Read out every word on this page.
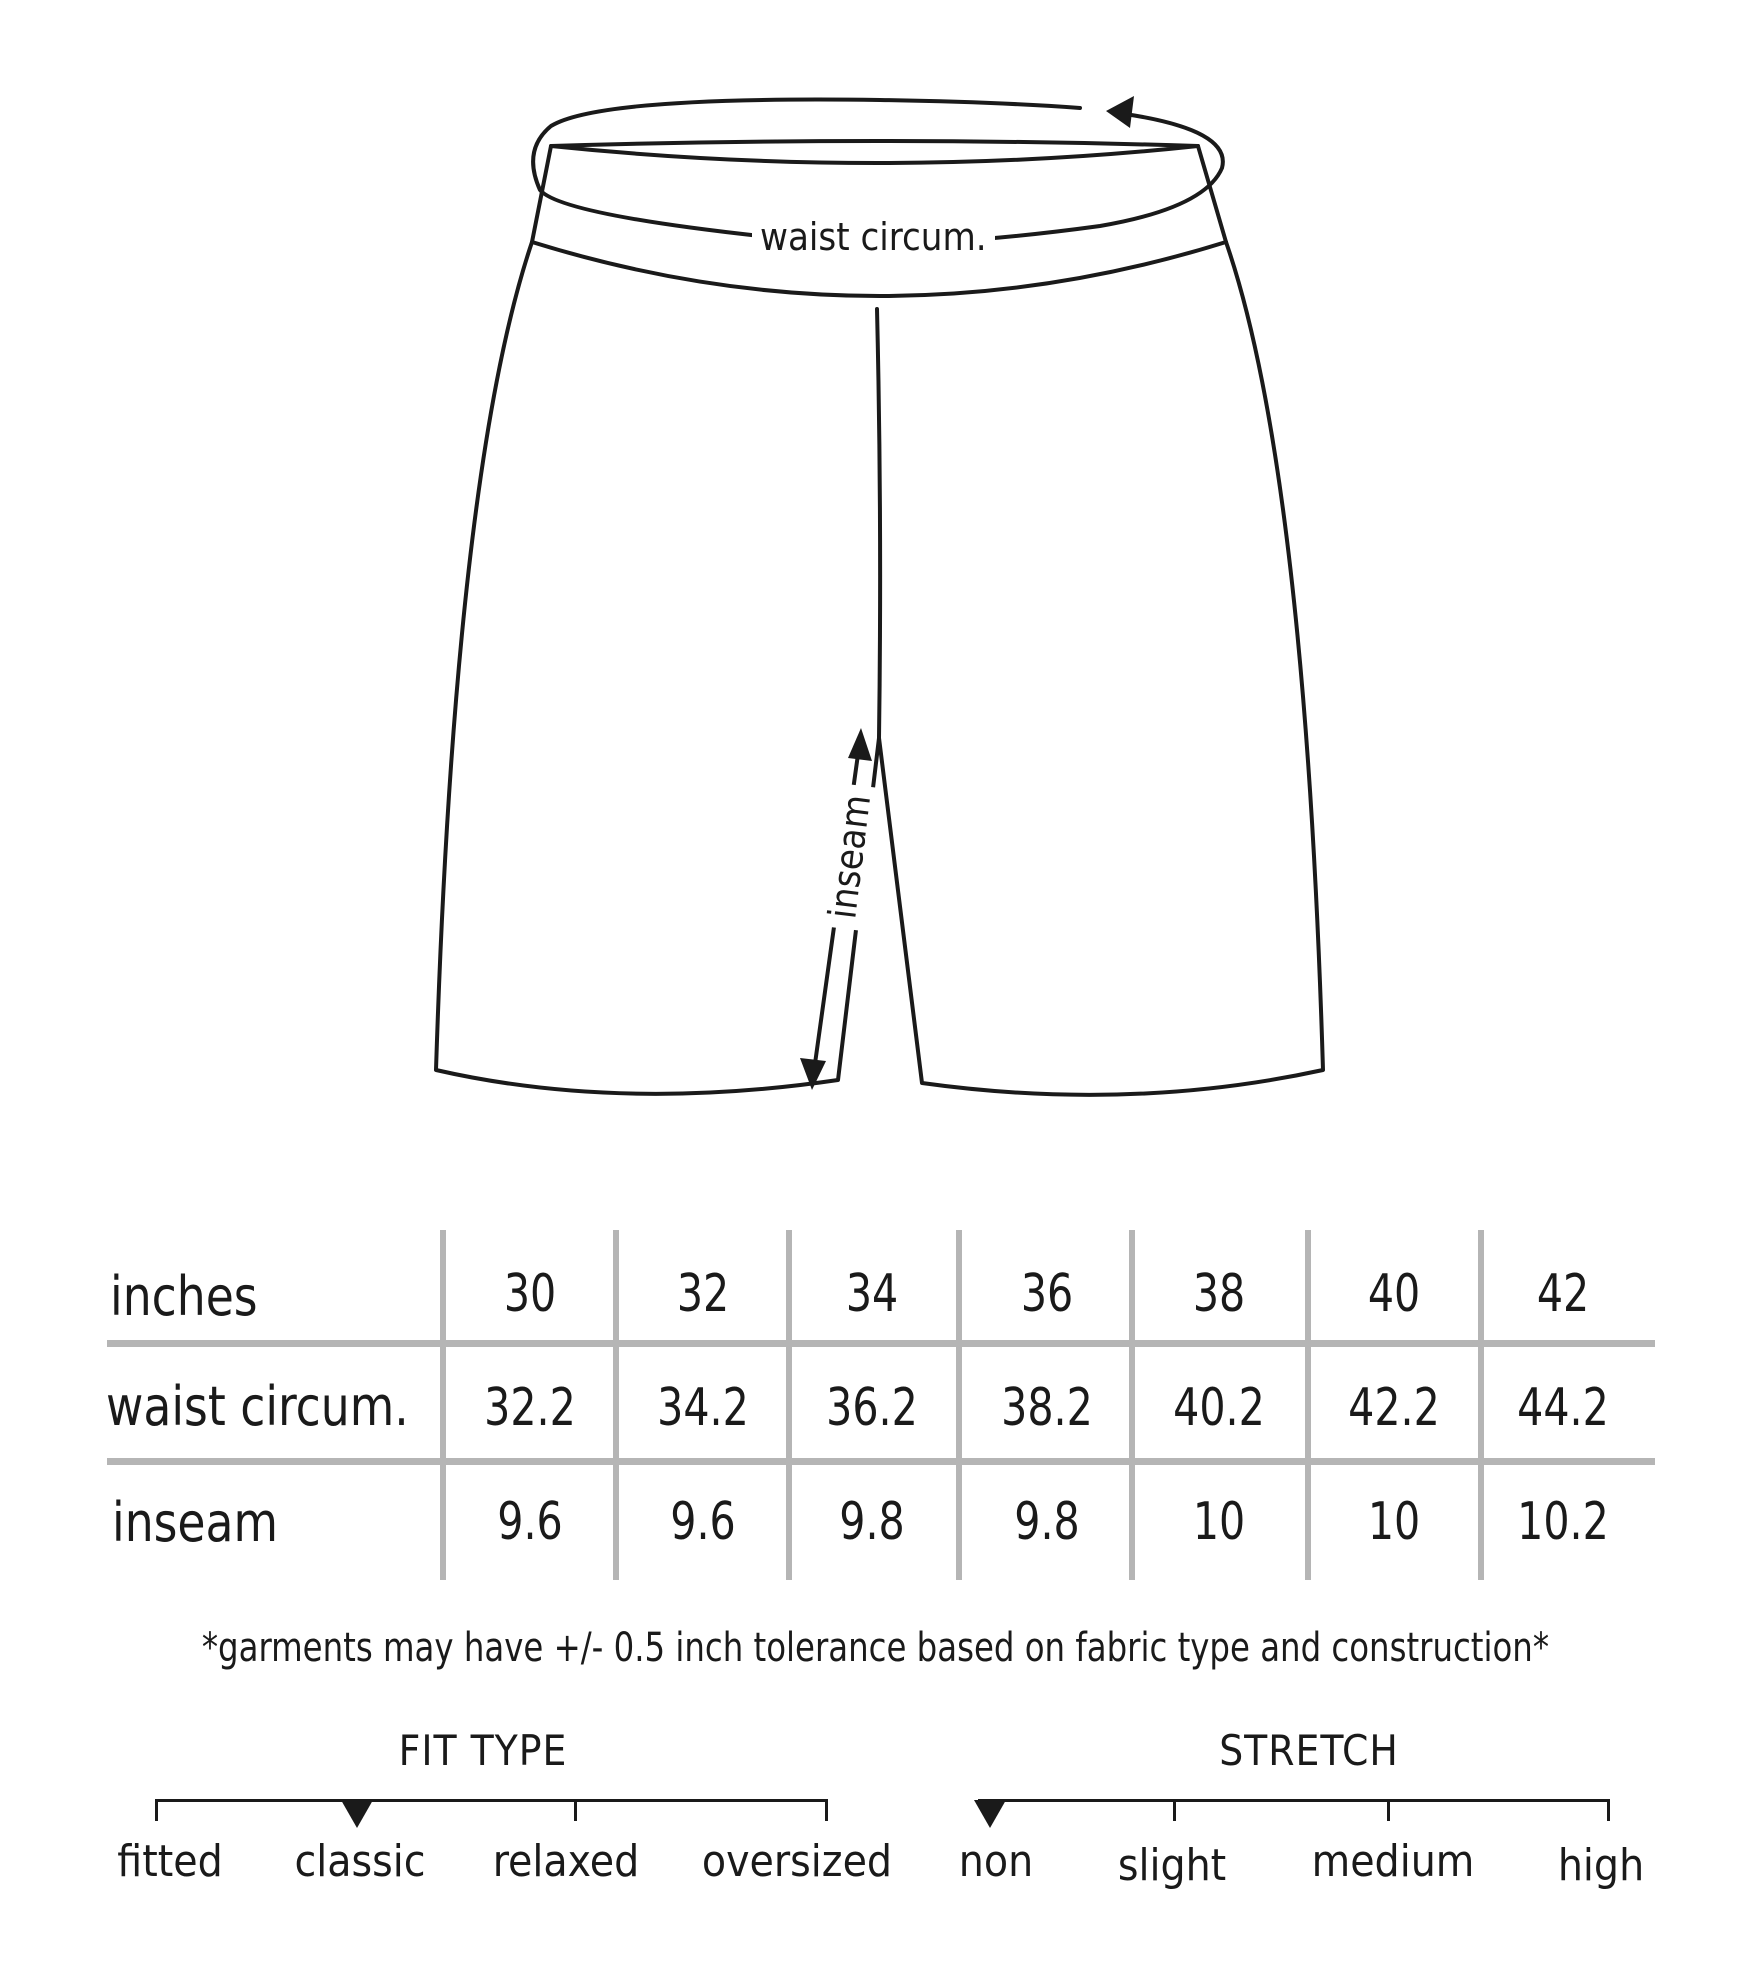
waist circum.
inseam
inches	30 32 34 36 38 40 42
waist circum. 32.2 34.2 36.2 38.2 40.2 42.2 44.2
inseam	9.6 9.6 9.8 9.8 10 10 10.2
*garments may have +/- 0.5 inch tolerance based on fabric type and construction*
FIT TYPE
fitted classic relaxed oversized
STRETCH
non slight medium high
